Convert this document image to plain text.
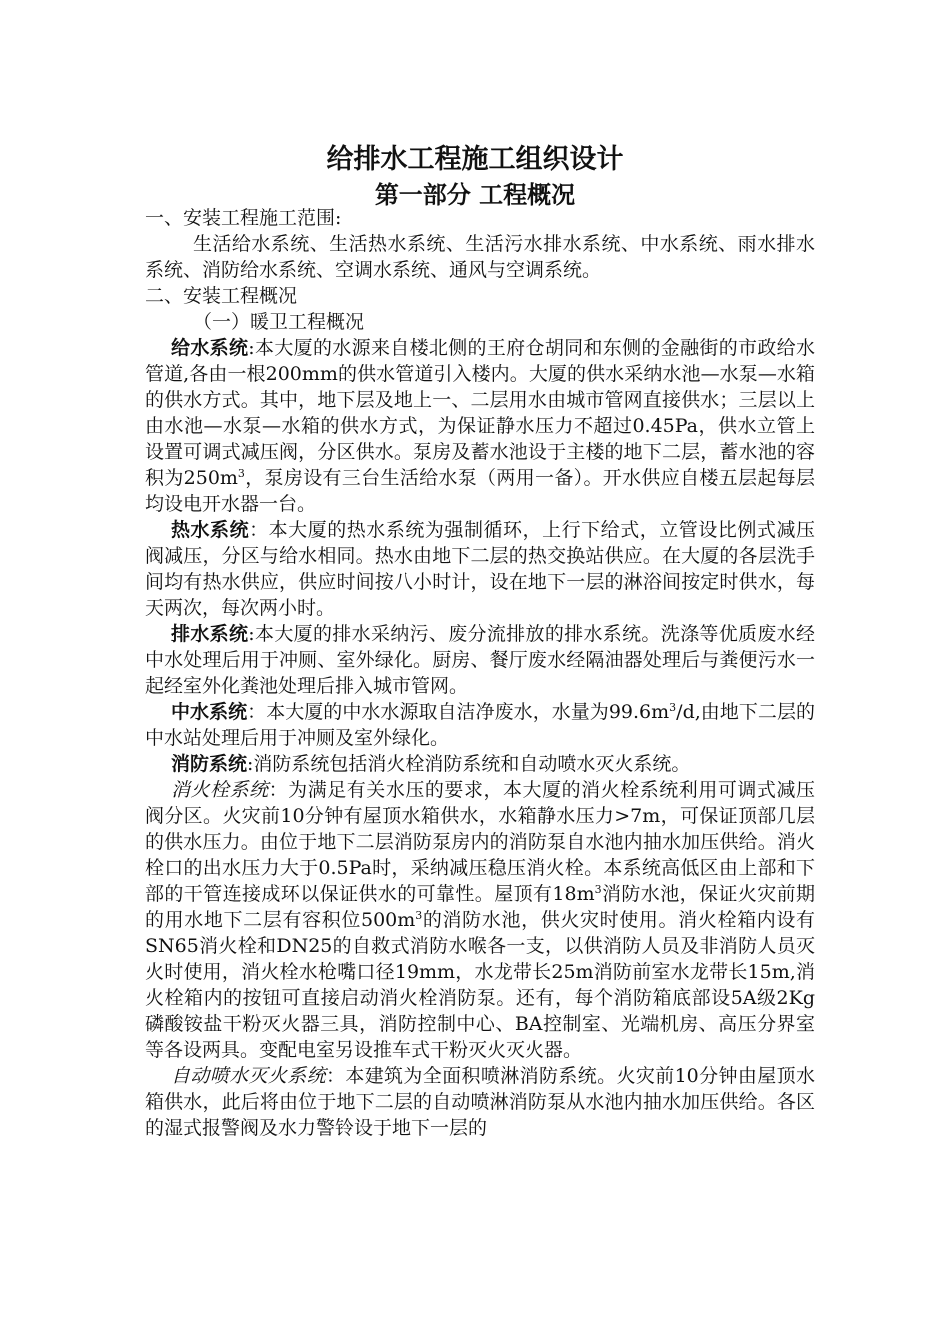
给排水工程施工组织设计
第一部分 工程概况

一、安装工程施工范围:

生活给水系统、生活热水系统、生活污水排水系统、中水系统、雨水排水系统、消防给水系统、空调水系统、通风与空调系统。

二、安装工程概况

（一）暖卫工程概况

给水系统:本大厦的水源来自楼北侧的王府仓胡同和东侧的金融街的市政给水管道,各由一根200mm的供水管道引入楼内。大厦的供水采纳水池—水泵—水箱的供水方式。其中，地下层及地上一、二层用水由城市管网直接供水；三层以上由水池—水泵—水箱的供水方式，为保证静水压力不超过0.45Pa，供水立管上设置可调式减压阀，分区供水。泵房及蓄水池设于主楼的地下二层，蓄水池的容积为$250m^3$，泵房设有三台生活给水泵（两用一备）。开水供应自楼五层起每层均设电开水器一台。

热水系统：本大厦的热水系统为强制循环，上行下给式，立管设比例式减压阀减压，分区与给水相同。热水由地下二层的热交换站供应。在大厦的各层洗手间均有热水供应，供应时间按八小时计，设在地下一层的淋浴间按定时供水，每天两次，每次两小时。

排水系统:本大厦的排水采纳污、废分流排放的排水系统。洗涤等优质废水经中水处理后用于冲厕、室外绿化。厨房、餐厅废水经隔油器处理后与粪便污水一起经室外化粪池处理后排入城市管网。

中水系统：本大厦的中水水源取自洁净废水，水量为$99.6m^3/d$,由地下二层的中水站处理后用于冲厕及室外绿化。

消防系统:消防系统包括消火栓消防系统和自动喷水灭火系统。

消火栓系统：为满足有关水压的要求，本大厦的消火栓系统利用可调式减压阀分区。火灾前10分钟有屋顶水箱供水，水箱静水压力>7m，可保证顶部几层的供水压力。由位于地下二层消防泵房内的消防泵自水池内抽水加压供给。消火栓口的出水压力大于0.5Pa时，采纳减压稳压消火栓。本系统高低区由上部和下部的干管连接成环以保证供水的可靠性。屋顶有$18m^3$消防水池，保证火灾前期的用水地下二层有容积位$500m^3$的消防水池，供火灾时使用。消火栓箱内设有SN65消火栓和DN25的自救式消防水喉各一支，以供消防人员及非消防人员灭火时使用，消火栓水枪嘴口径19mm，水龙带长25m消防前室水龙带长15m,消火栓箱内的按钮可直接启动消火栓消防泵。还有，每个消防箱底部设5A级2Kg磷酸铵盐干粉灭火器三具，消防控制中心、BA控制室、光端机房、高压分界室等各设两具。变配电室另设推车式干粉灭火灭火器。

自动喷水灭火系统：本建筑为全面积喷淋消防系统。火灾前10分钟由屋顶水箱供水，此后将由位于地下二层的自动喷淋消防泵从水池内抽水加压供给。各区的湿式报警阀及水力警铃设于地下一层的
